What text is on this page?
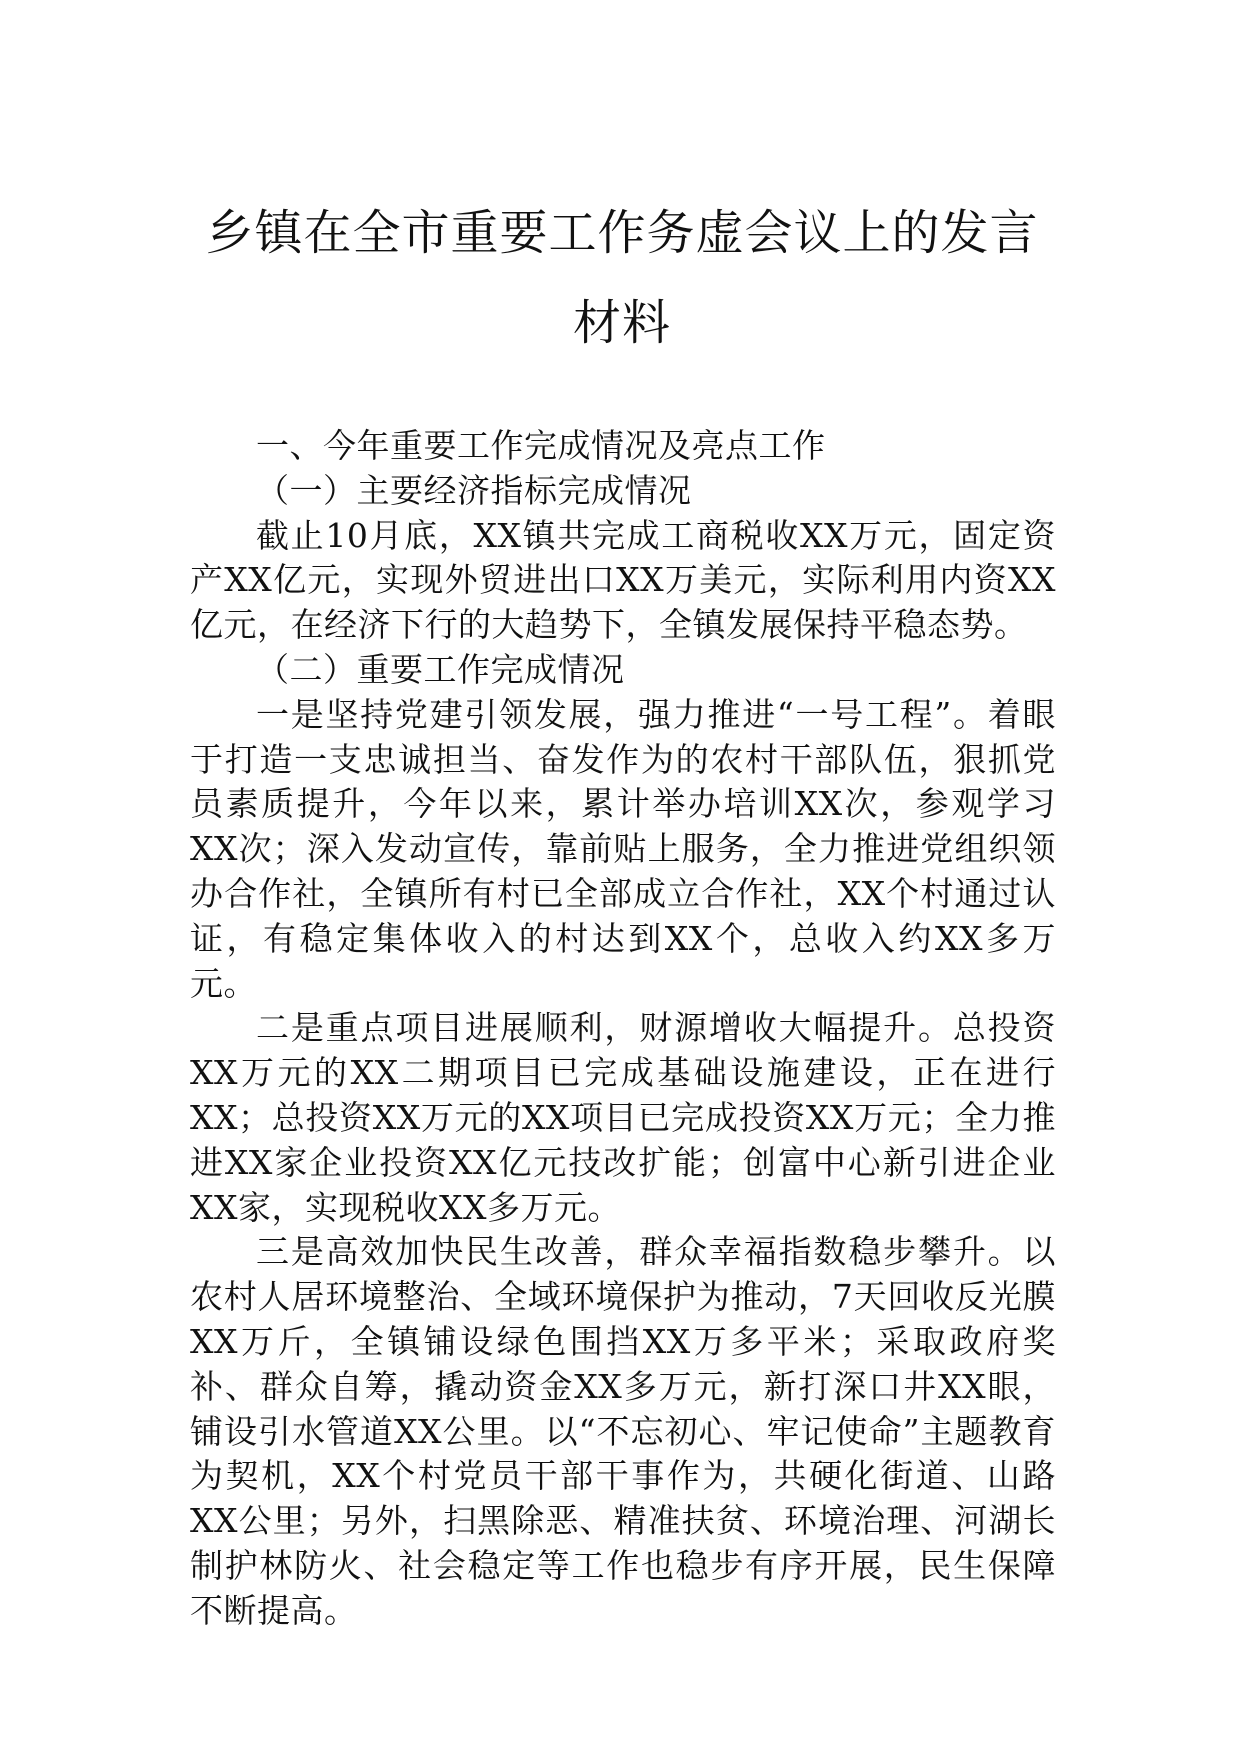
乡镇在全市重要工作务虚会议上的发言材料

一、今年重要工作完成情况及亮点工作

（一）主要经济指标完成情况

截止10月底，XX镇共完成工商税收XX万元，固定资产XX亿元，实现外贸进出口XX万美元，实际利用内资XX亿元，在经济下行的大趋势下，全镇发展保持平稳态势。

（二）重要工作完成情况

一是坚持党建引领发展，强力推进“一号工程”。着眼于打造一支忠诚担当、奋发作为的农村干部队伍，狠抓党员素质提升，今年以来，累计举办培训XX次，参观学习XX次；深入发动宣传，靠前贴上服务，全力推进党组织领办合作社，全镇所有村已全部成立合作社，XX个村通过认证，有稳定集体收入的村达到XX个，总收入约XX多万元。

二是重点项目进展顺利，财源增收大幅提升。总投资XX万元的XX二期项目已完成基础设施建设，正在进行XX；总投资XX万元的XX项目已完成投资XX万元；全力推进XX家企业投资XX亿元技改扩能；创富中心新引进企业XX家，实现税收XX多万元。

三是高效加快民生改善，群众幸福指数稳步攀升。以农村人居环境整治、全域环境保护为推动，7天回收反光膜XX万斤，全镇铺设绿色围挡XX万多平米；采取政府奖补、群众自筹，撬动资金XX多万元，新打深口井XX眼，铺设引水管道XX公里。以“不忘初心、牢记使命”主题教育为契机，XX个村党员干部干事作为，共硬化街道、山路XX公里；另外，扫黑除恶、精准扶贫、环境治理、河湖长制护林防火、社会稳定等工作也稳步有序开展，民生保障不断提高。
